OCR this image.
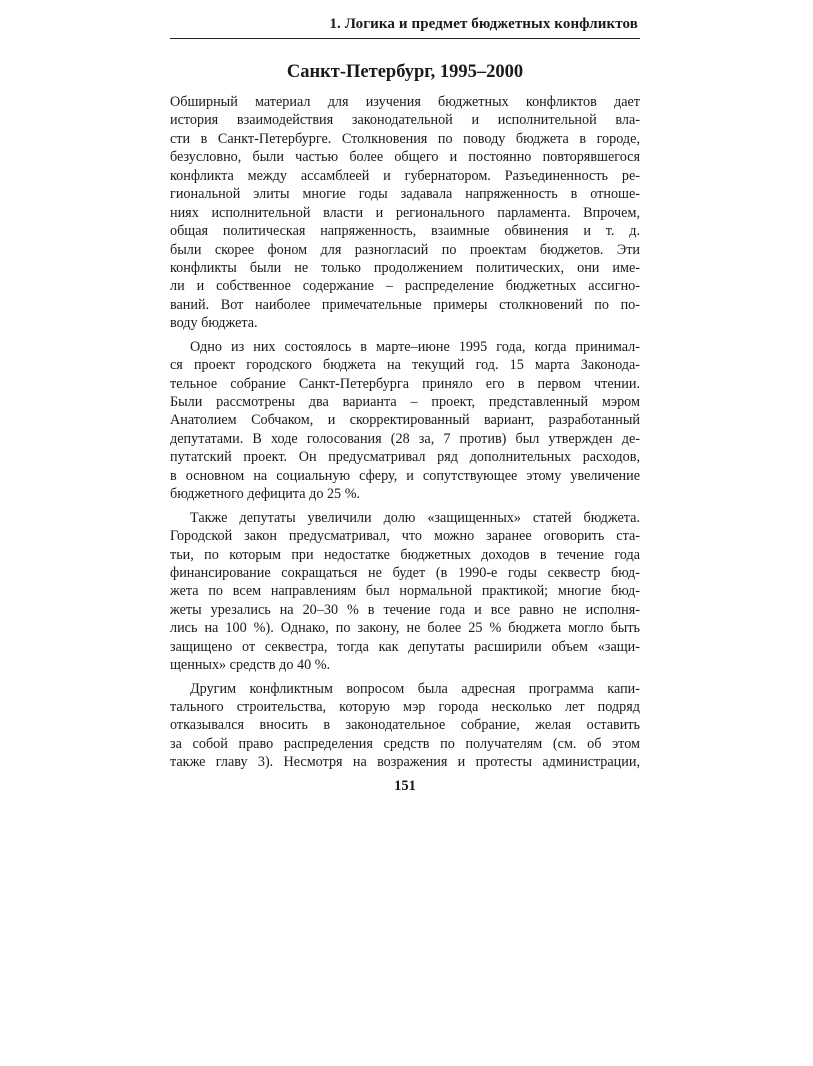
1. Логика и предмет бюджетных конфликтов
Санкт-Петербург, 1995–2000

Обширный материал для изучения бюджетных конфликтов дает
история взаимодействия законодательной и исполнительной вла-
сти в Санкт-Петербурге. Столкновения по поводу бюджета в городе,
безусловно, были частью более общего и постоянно повторявшегося
конфликта между ассамблеей и губернатором. Разъединенность ре-
гиональной элиты многие годы задавала напряженность в отноше-
ниях исполнительной власти и регионального парламента. Впрочем,
общая политическая напряженность, взаимные обвинения и т. д.
были скорее фоном для разногласий по проектам бюджетов. Эти
конфликты были не только продолжением политических, они име-
ли и собственное содержание – распределение бюджетных ассигно-
ваний. Вот наиболее примечательные примеры столкновений по по-
воду бюджета.

Одно из них состоялось в марте–июне 1995 года, когда принимал-
ся проект городского бюджета на текущий год. 15 марта Законода-
тельное собрание Санкт-Петербурга приняло его в первом чтении.
Были рассмотрены два варианта – проект, представленный мэром
Анатолием Собчаком, и скорректированный вариант, разработанный
депутатами. В ходе голосования (28 за, 7 против) был утвержден де-
путатский проект. Он предусматривал ряд дополнительных расходов,
в основном на социальную сферу, и сопутствующее этому увеличение
бюджетного дефицита до 25 %.

Также депутаты увеличили долю «защищенных» статей бюджета.
Городской закон предусматривал, что можно заранее оговорить ста-
тьи, по которым при недостатке бюджетных доходов в течение года
финансирование сокращаться не будет (в 1990-е годы секвестр бюд-
жета по всем направлениям был нормальной практикой; многие бюд-
жеты урезались на 20–30 % в течение года и все равно не исполня-
лись на 100 %). Однако, по закону, не более 25 % бюджета могло быть
защищено от секвестра, тогда как депутаты расширили объем «защи-
щенных» средств до 40 %.

Другим конфликтным вопросом была адресная программа капи-
тального строительства, которую мэр города несколько лет подряд
отказывался вносить в законодательное собрание, желая оставить
за собой право распределения средств по получателям (см. об этом
также главу 3). Несмотря на возражения и протесты администрации,

151
